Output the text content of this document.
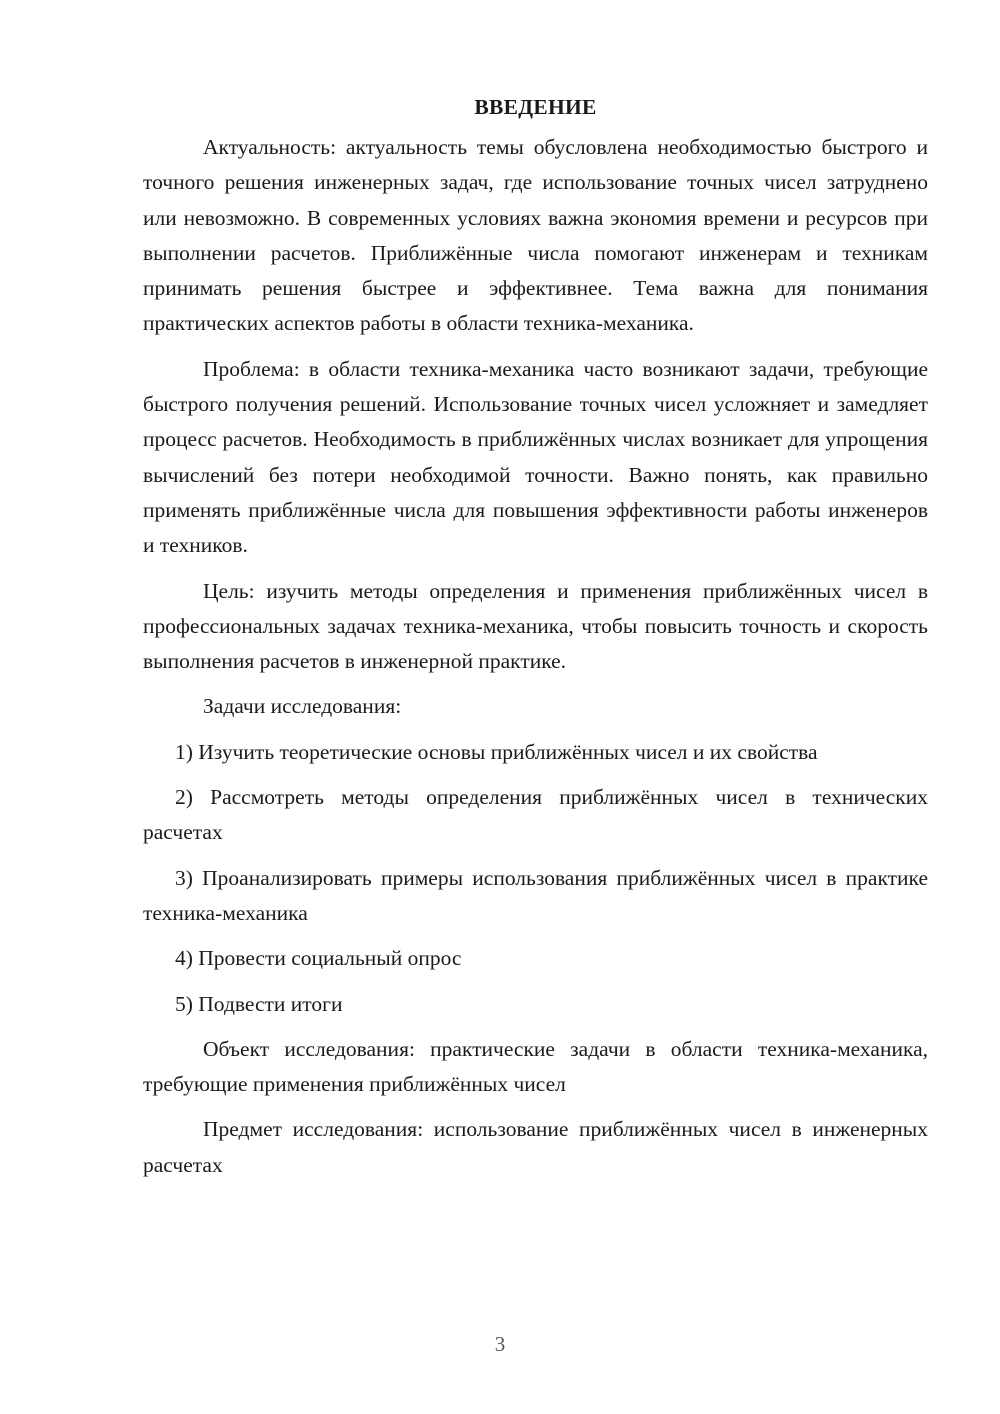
ВВЕДЕНИЕ

Актуальность: актуальность темы обусловлена необходимостью быстрого и точного решения инженерных задач, где использование точных чисел затруднено или невозможно. В современных условиях важна экономия времени и ресурсов при выполнении расчетов. Приближённые числа помогают инженерам и техникам принимать решения быстрее и эффективнее. Тема важна для понимания практических аспектов работы в области техника-механика.

Проблема: в области техника-механика часто возникают задачи, требующие быстрого получения решений. Использование точных чисел усложняет и замедляет процесс расчетов. Необходимость в приближённых числах возникает для упрощения вычислений без потери необходимой точности. Важно понять, как правильно применять приближённые числа для повышения эффективности работы инженеров и техников.

Цель: изучить методы определения и применения приближённых чисел в профессиональных задачах техника-механика, чтобы повысить точность и скорость выполнения расчетов в инженерной практике.

Задачи исследования:

1) Изучить теоретические основы приближённых чисел и их свойства

2) Рассмотреть методы определения приближённых чисел в технических расчетах

3) Проанализировать примеры использования приближённых чисел в практике техника-механика

4) Провести социальный опрос

5) Подвести итоги

Объект исследования: практические задачи в области техника-механика, требующие применения приближённых чисел

Предмет исследования: использование приближённых чисел в инженерных расчетах

3
